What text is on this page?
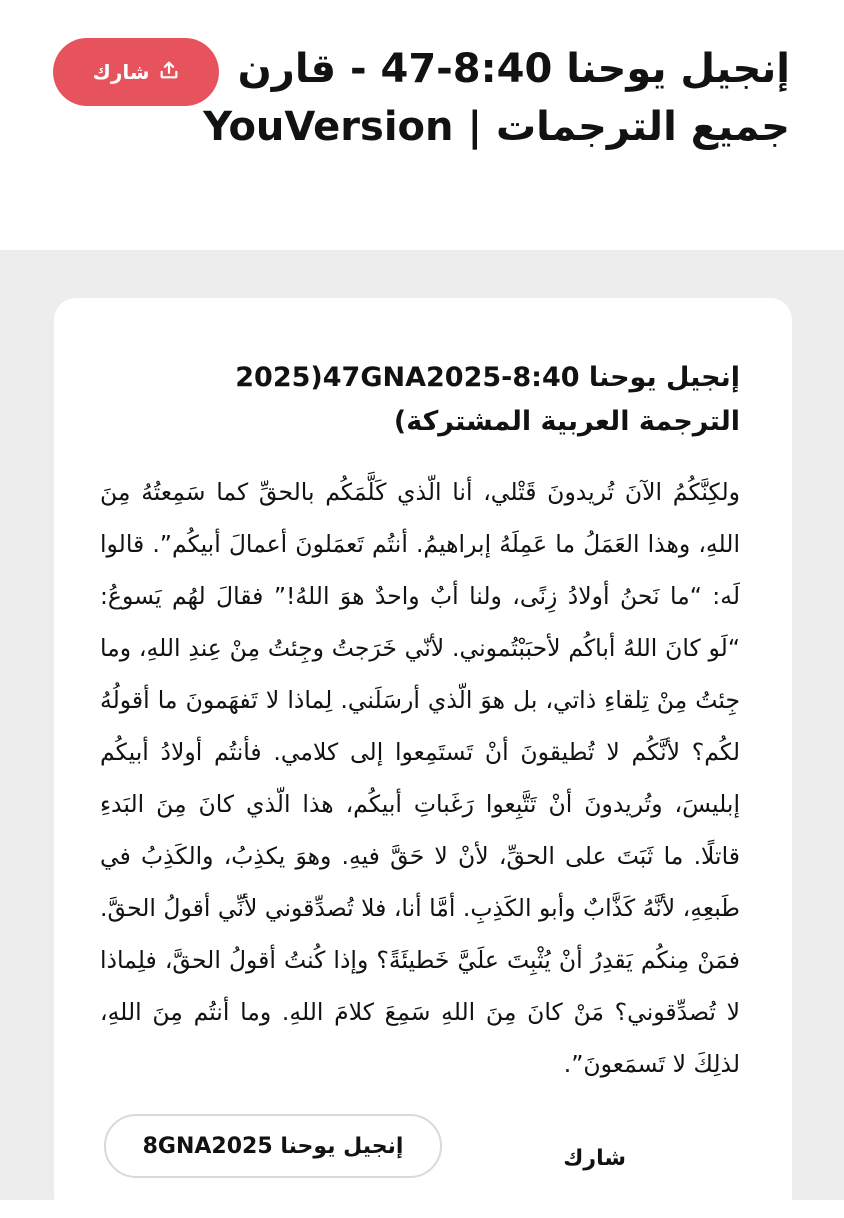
إنجيل يوحنا 8:40-47 - قارن جميع الترجمات | YouVersion
شارك
إنجيل يوحنا 8:40-47GNA2025(2025 الترجمة العربية المشتركة)

ولكِنَّكُمُ الآنَ تُريدونَ قَتْلي، أنا الّذي كَلَّمَكُم بالحقِّ كما سَمِعتُهُ مِنَ اللهِ، وهذا العَمَلُ ما عَمِلَهُ إبراهيمُ. أنتُم تَعمَلونَ أعمالَ أبيكُم”. قالوا لَه: “ما نَحنُ أولادُ زِنًى، ولنا أبٌ واحدٌ هوَ اللهُ!” فقالَ لهُم يَسوعُ: “لَو كانَ اللهُ أباكُم لأحبَبْتُموني. لأنّي خَرَجتُ وجِئتُ مِنْ عِندِ اللهِ، وما جِئتُ مِنْ تِلقاءِ ذاتي، بل هوَ الّذي أرسَلَني. لِماذا لا تَفهَمونَ ما أقولُهُ لكُم؟ لأنَّكُم لا تُطيقونَ أنْ تَستَمِعوا إلى كلامي. فأنتُم أولادُ أبيكُم إبليسَ، وتُريدونَ أنْ تَتَّبِعوا رَغَباتِ أبيكُم، هذا الّذي كانَ مِنَ البَدءِ قاتلًا. ما ثَبَتَ على الحقِّ، لأنْ لا حَقَّ فيهِ. وهوَ يكذِبُ، والكَذِبُ في طَبعِهِ، لأنَّهُ كَذَّابٌ وأبو الكَذِبِ. أمَّا أنا، فلا تُصدِّقوني لأنِّي أقولُ الحقَّ. فمَنْ مِنكُم يَقدِرُ أنْ يُثْبِتَ علَيَّ خَطيئَةً؟ وإذا كُنتُ أقولُ الحقَّ، فلِماذا لا تُصدِّقوني؟ مَنْ كانَ مِنَ اللهِ سَمِعَ كلامَ اللهِ. وما أنتُم مِنَ اللهِ، لذلِكَ لا تَسمَعونَ”.

شارك
إنجيل يوحنا 8GNA2025
